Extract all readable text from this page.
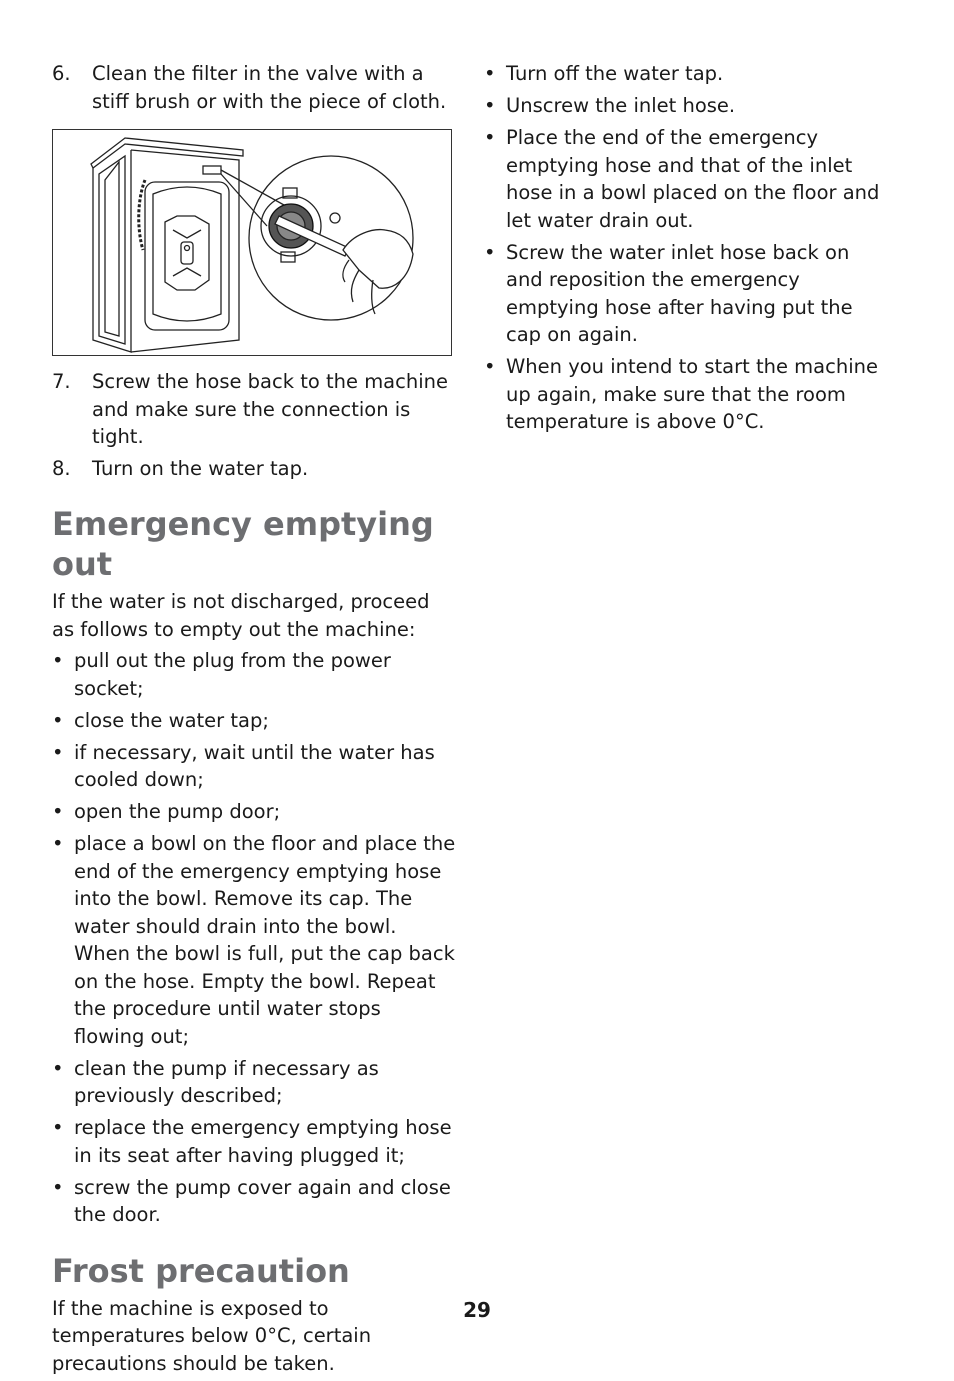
6. Clean the filter in the valve with a stiff brush or with the piece of cloth.
7. Screw the hose back to the machine and make sure the connection is tight.
8. Turn on the water tap.
Emergency emptying out

If the water is not discharged, proceed as follows to empty out the machine:

• pull out the plug from the power socket;
• close the water tap;
• if necessary, wait until the water has cooled down;
• open the pump door;
• place a bowl on the floor and place the end of the emergency emptying hose into the bowl. Remove its cap. The water should drain into the bowl. When the bowl is full, put the cap back on the hose. Empty the bowl. Repeat the procedure until water stops flowing out;
• clean the pump if necessary as previously described;
• replace the emergency emptying hose in its seat after having plugged it;
• screw the pump cover again and close the door.
Frost precaution

If the machine is exposed to temperatures below 0°C, certain precautions should be taken.

• Turn off the water tap.
• Unscrew the inlet hose.
• Place the end of the emergency emptying hose and that of the inlet hose in a bowl placed on the floor and let water drain out.
• Screw the water inlet hose back on and reposition the emergency emptying hose after having put the cap on again.
• When you intend to start the machine up again, make sure that the room temperature is above 0°C.
29
